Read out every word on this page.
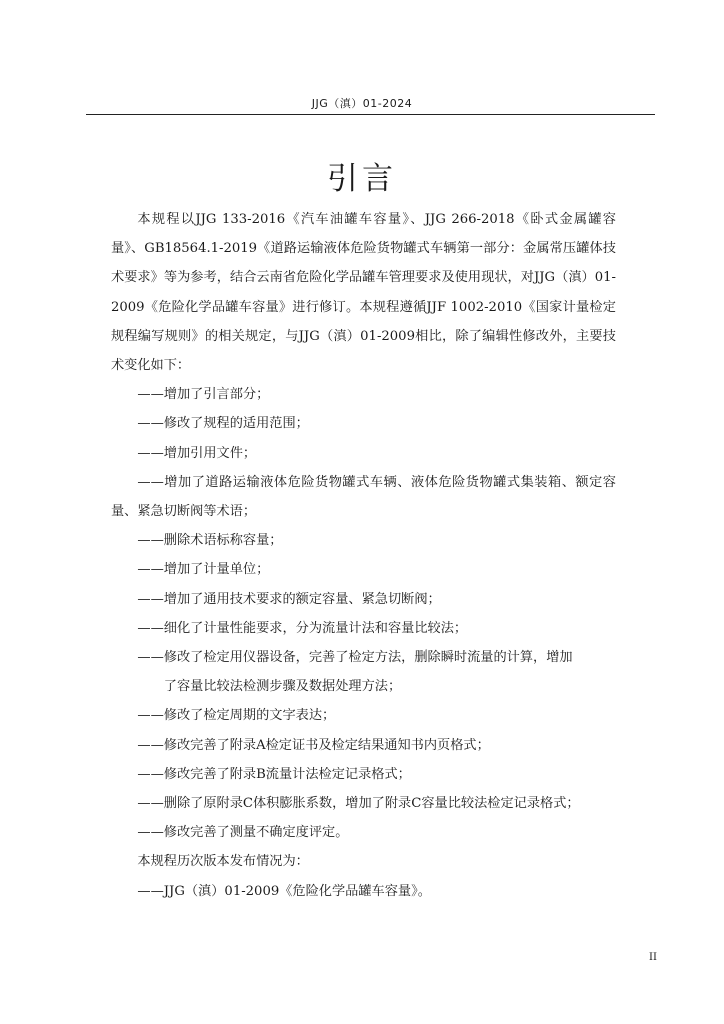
JJG（滇）01-2024
引言

本规程以JJG 133-2016《汽车油罐车容量》、JJG 266-2018《卧式金属罐容量》、GB18564.1-2019《道路运输液体危险货物罐式车辆第一部分：金属常压罐体技术要求》等为参考，结合云南省危险化学品罐车管理要求及使用现状，对JJG（滇）01-2009《危险化学品罐车容量》进行修订。本规程遵循JJF 1002-2010《国家计量检定规程编写规则》的相关规定，与JJG（滇）01-2009相比，除了编辑性修改外，主要技术变化如下：

——增加了引言部分；

——修改了规程的适用范围；

——增加引用文件；

——增加了道路运输液体危险货物罐式车辆、液体危险货物罐式集装箱、额定容量、紧急切断阀等术语；

——删除术语标称容量；

——增加了计量单位；

——增加了通用技术要求的额定容量、紧急切断阀；

——细化了计量性能要求，分为流量计法和容量比较法；

——修改了检定用仪器设备，完善了检定方法，删除瞬时流量的计算，增加

了容量比较法检测步骤及数据处理方法；

——修改了检定周期的文字表达；

——修改完善了附录A检定证书及检定结果通知书内页格式；

——修改完善了附录B流量计法检定记录格式；

——删除了原附录C体积膨胀系数，增加了附录C容量比较法检定记录格式；

——修改完善了测量不确定度评定。

本规程历次版本发布情况为：

——JJG（滇）01-2009《危险化学品罐车容量》。

II
